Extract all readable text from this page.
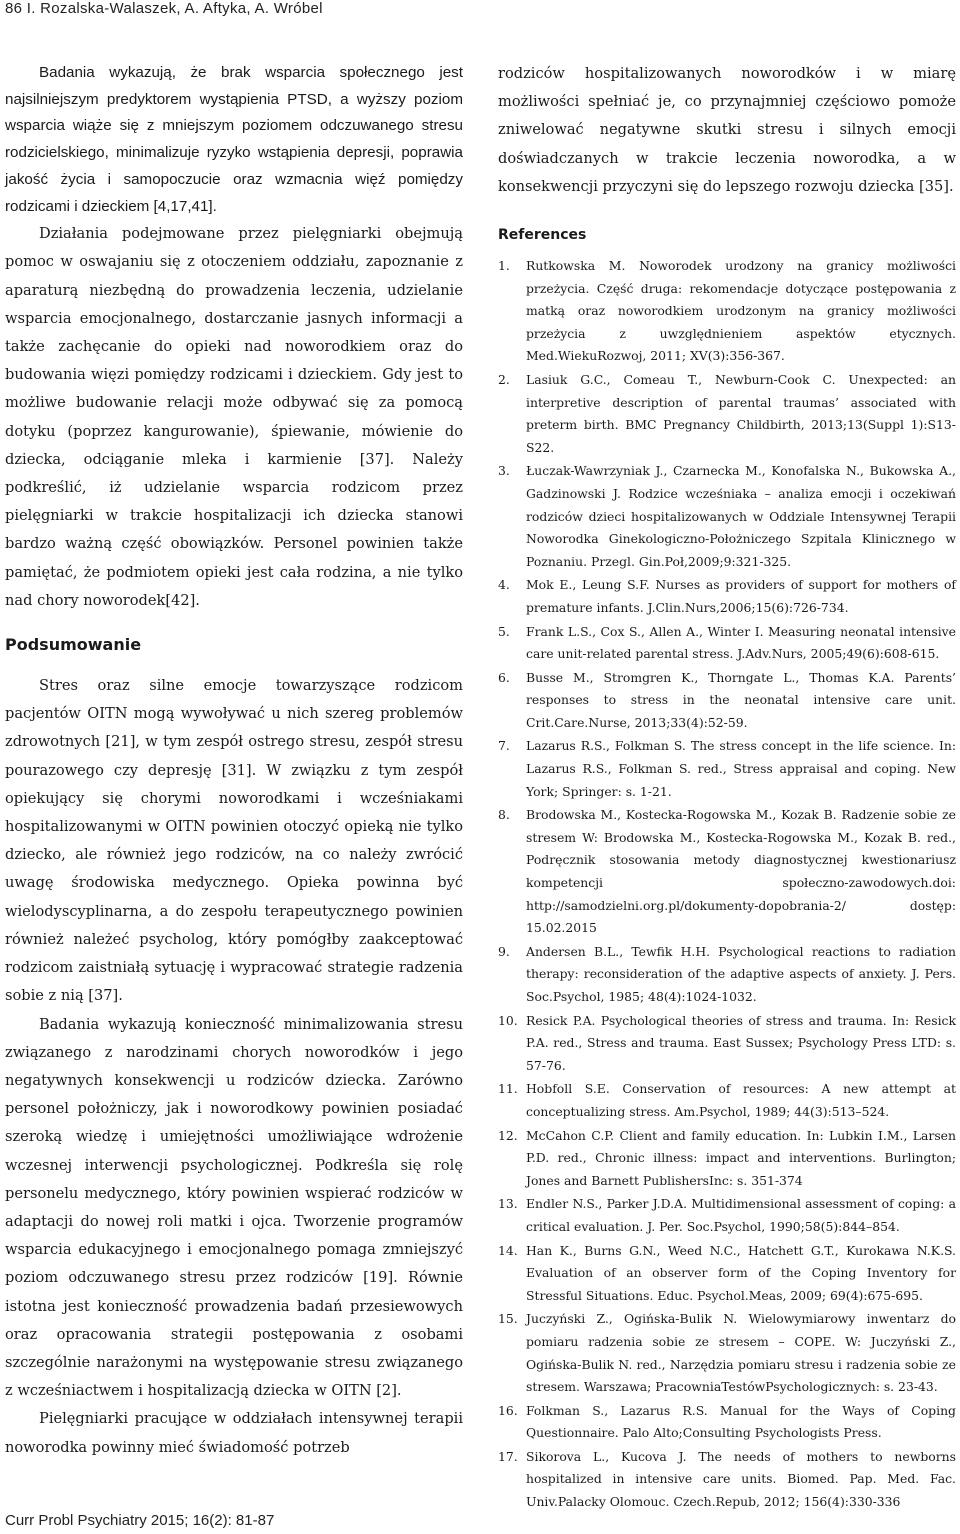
86 I. Rozalska-Walaszek, A. Aftyka, A. Wróbel

Badania wykazują, że brak wsparcia społecznego jest najsilniejszym predyktorem wystąpienia PTSD, a wyższy poziom wsparcia wiąże się z mniejszym poziomem odczuwanego stresu rodzicielskiego, minimalizuje ryzyko wstąpienia depresji, poprawia jakość życia i samopoczucie oraz wzmacnia więź pomiędzy rodzicami i dzieckiem [4,17,41].

Działania podejmowane przez pielęgniarki obejmują pomoc w oswajaniu się z otoczeniem oddziału, zapoznanie z aparaturą niezbędną do prowadzenia leczenia, udzielanie wsparcia emocjonalnego, dostarczanie jasnych informacji a także zachęcanie do opieki nad noworodkiem oraz do budowania więzi pomiędzy rodzicami i dzieckiem. Gdy jest to możliwe budowanie relacji może odbywać się za pomocą dotyku (poprzez kangurowanie), śpiewanie, mówienie do dziecka, odciąganie mleka i karmienie [37]. Należy podkreślić, iż udzielanie wsparcia rodzicom przez pielęgniarki w trakcie hospitalizacji ich dziecka stanowi bardzo ważną część obowiązków. Personel powinien także pamiętać, że podmiotem opieki jest cała rodzina, a nie tylko nad chory noworodek[42].

Podsumowanie

Stres oraz silne emocje towarzyszące rodzicom pacjentów OITN mogą wywoływać u nich szereg problemów zdrowotnych [21], w tym zespół ostrego stresu, zespół stresu pourazowego czy depresję [31]. W związku z tym zespół opiekujący się chorymi noworodkami i wcześniakami hospitalizowanymi w OITN powinien otoczyć opieką nie tylko dziecko, ale również jego rodziców, na co należy zwrócić uwagę środowiska medycznego. Opieka powinna być wielodyscyplinarna, a do zespołu terapeutycznego powinien również należeć psycholog, który pomógłby zaakceptować rodzicom zaistniałą sytuację i wypracować strategie radzenia sobie z nią [37].

Badania wykazują konieczność minimalizowania stresu związanego z narodzinami chorych noworodków i jego negatywnych konsekwencji u rodziców dziecka. Zarówno personel położniczy, jak i noworodkowy powinien posiadać szeroką wiedzę i umiejętności umożliwiające wdrożenie wczesnej interwencji psychologicznej. Podkreśla się rolę personelu medycznego, który powinien wspierać rodziców w adaptacji do nowej roli matki i ojca. Tworzenie programów wsparcia edukacyjnego i emocjonalnego pomaga zmniejszyć poziom odczuwanego stresu przez rodziców [19]. Równie istotna jest konieczność prowadzenia badań przesiewowych oraz opracowania strategii postępowania z osobami szczególnie narażonymi na występowanie stresu związanego z wcześniactwem i hospitalizacją dziecka w OITN [2].

Pielęgniarki pracujące w oddziałach intensywnej terapii noworodka powinny mieć świadomość potrzeb

rodziców hospitalizowanych noworodków i w miarę możliwości spełniać je, co przynajmniej częściowo pomoże zniwelować negatywne skutki stresu i silnych emocji doświadczanych w trakcie leczenia noworodka, a w konsekwencji przyczyni się do lepszego rozwoju dziecka [35].

References
1.	Rutkowska M. Noworodek urodzony na granicy możliwości przeżycia. Część druga: rekomendacje dotyczące postępowania z matką oraz noworodkiem urodzonym na granicy możliwości przeżycia z uwzględnieniem aspektów etycznych. Med.WiekuRozwoj, 2011; XV(3):356-367.
2.	Lasiuk G.C., Comeau T., Newburn-Cook C. Unexpected: an interpretive description of parental traumas’ associated with preterm birth. BMC Pregnancy Childbirth, 2013;13(Suppl 1):S13-S22.
3.	Łuczak-Wawrzyniak J., Czarnecka M., Konofalska N., Bukowska A., Gadzinowski J. Rodzice wcześniaka – analiza emocji i oczekiwań rodziców dzieci hospitalizowanych w Oddziale Intensywnej Terapii Noworodka Ginekologiczno-Położniczego Szpitala Klinicznego w Poznaniu. Przegl. Gin.Poł,2009;9:321-325.
4.	Mok E., Leung S.F. Nurses as providers of support for mothers of premature infants. J.Clin.Nurs,2006;15(6):726-734.
5.	Frank L.S., Cox S., Allen A., Winter I. Measuring neonatal intensive care unit-related parental stress. J.Adv.Nurs, 2005;49(6):608-615.
6.	Busse M., Stromgren K., Thorngate L., Thomas K.A. Parents’ responses to stress in the neonatal intensive care unit. Crit.Care.Nurse, 2013;33(4):52-59.
7.	Lazarus R.S., Folkman S. The stress concept in the life science. In: Lazarus R.S., Folkman S. red., Stress appraisal and coping. New York; Springer: s. 1-21.
8.	Brodowska M., Kostecka-Rogowska M., Kozak B. Radzenie sobie ze stresem W: Brodowska M., Kostecka-Rogowska M., Kozak B. red., Podręcznik stosowania metody diagnostycznej kwestionariusz kompetencji społeczno-zawodowych.doi: http://samodzielni.org.pl/dokumenty-dopobrania-2/ dostęp: 15.02.2015
9.	Andersen B.L., Tewfik H.H. Psychological reactions to radiation therapy: reconsideration of the adaptive aspects of anxiety. J. Pers. Soc.Psychol, 1985; 48(4):1024-1032.
10. Resick P.A. Psychological theories of stress and trauma. In: Resick P.A. red., Stress and trauma. East Sussex; Psychology Press LTD: s. 57-76.
11. Hobfoll S.E. Conservation of resources: A new attempt at conceptualizing stress. Am.Psychol, 1989; 44(3):513–524.
12. McCahon C.P. Client and family education. In: Lubkin I.M., Larsen P.D. red., Chronic illness: impact and interventions. Burlington; Jones and Barnett PublishersInc: s. 351-374
13. Endler N.S., Parker J.D.A. Multidimensional assessment of coping: a critical evaluation. J. Per. Soc.Psychol, 1990;58(5):844–854.
14. Han K., Burns G.N., Weed N.C., Hatchett G.T., Kurokawa N.K.S. Evaluation of an observer form of the Coping Inventory for Stressful Situations. Educ. Psychol.Meas, 2009; 69(4):675-695.
15. Juczyński Z., Ogińska-Bulik N. Wielowymiarowy inwentarz do pomiaru radzenia sobie ze stresem – COPE. W: Juczyński Z., Ogińska-Bulik N. red., Narzędzia pomiaru stresu i radzenia sobie ze stresem. Warszawa; PracowniaTestówPsychologicznych: s. 23-43.
16. Folkman S., Lazarus R.S. Manual for the Ways of Coping Questionnaire. Palo Alto;Consulting Psychologists Press.
17. Sikorova L., Kucova J. The needs of mothers to newborns hospitalized in intensive care units. Biomed. Pap. Med. Fac. Univ.Palacky Olomouc. Czech.Repub, 2012; 156(4):330-336
Curr Probl Psychiatry 2015; 16(2): 81-87
